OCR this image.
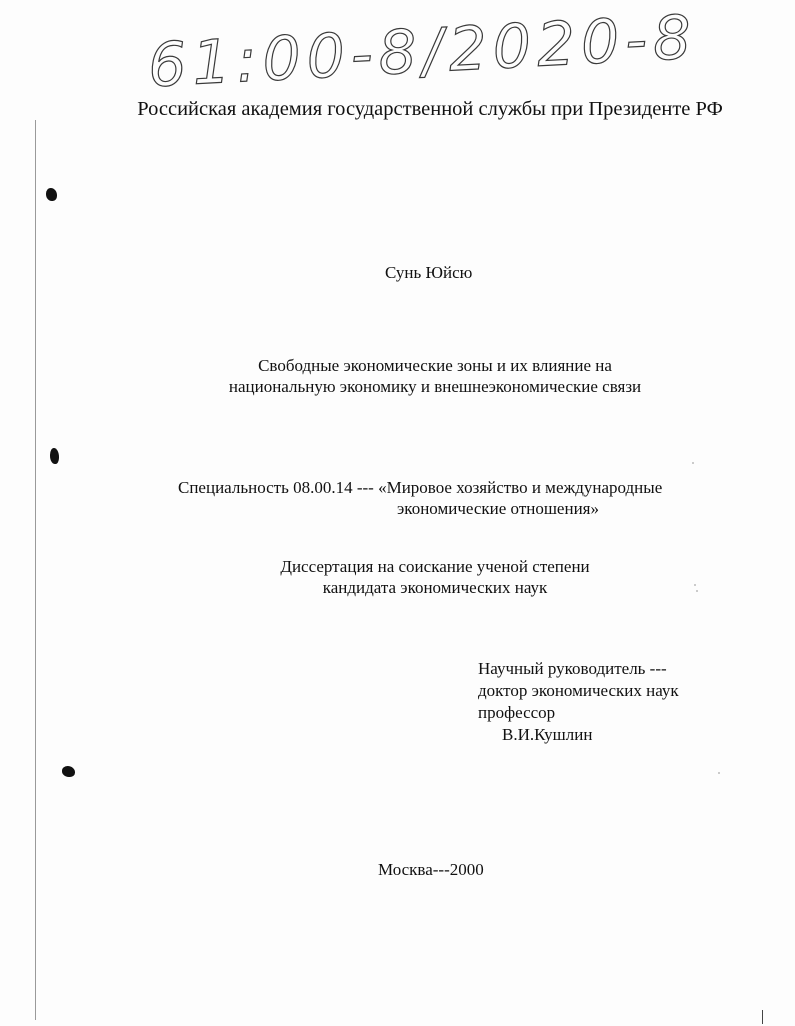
61:00-8/2020-8
Российская академия государственной службы при Президенте РФ
Сунь Юйсю
Свободные экономические зоны и их влияние на
национальную экономику и внешнеэкономические связи
Специальность 08.00.14 --- «Мировое хозяйство и международные
экономические отношения»
Диссертация на соискание ученой степени
кандидата экономических наук
Научный руководитель ---
доктор экономических наук
профессор
В.И.Кушлин
Москва---2000
